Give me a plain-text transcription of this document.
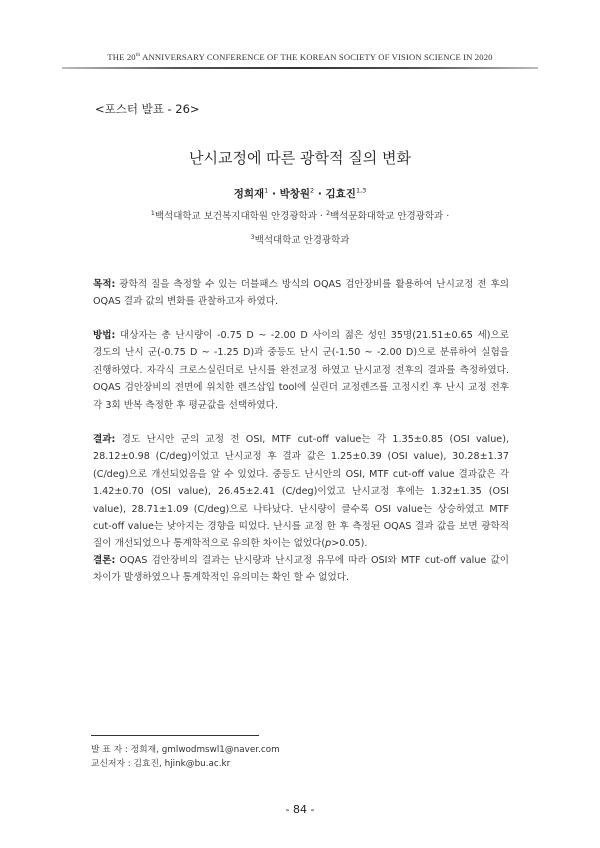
THE 20th ANNIVERSARY CONFERENCE OF THE KOREAN SOCIETY OF VISION SCIENCE IN 2020
<포스터 발표 - 26>
난시교정에 따른 광학적 질의 변화
정희재$^1$ · 박창원$^2$ · 김효진$^{1,3}$
$^1$백석대학교 보건복지대학원 안경광학과 · $^2$백석문화대학교 안경광학과 ·
$^3$백석대학교 안경광학과
목적: 광학적 질을 측정할 수 있는 더블패스 방식의 OQAS 검안장비를 활용하여 난시교정 전 후의 OQAS 결과 값의 변화를 관찰하고자 하였다.
방법: 대상자는 총 난시량이 -0.75 D ~ -2.00 D 사이의 젊은 성인 35명(21.51±0.65 세)으로 경도의 난시 군(-0.75 D ~ -1.25 D)과 중등도 난시 군(-1.50 ~ -2.00 D)으로 분류하여 실험을 진행하였다. 자각식 크로스실린더로 난시를 완전교정 하였고 난시교정 전후의 결과를 측정하였다. OQAS 검안장비의 전면에 위치한 렌즈삽입 tool에 실린더 교정렌즈를 고정시킨 후 난시 교정 전후 각 3회 반복 측정한 후 평균값을 선택하였다.
결과: 경도 난시안 군의 교정 전 OSI, MTF cut-off value는 각 1.35±0.85 (OSI value), 28.12±0.98 (C/deg)이었고 난시교정 후 결과 값은 1.25±0.39 (OSI value), 30.28±1.37 (C/deg)으로 개선되었음을 알 수 있었다. 중등도 난시안의 OSI, MTF cut-off value 결과값은 각 1.42±0.70 (OSI value), 26.45±2.41 (C/deg)이었고 난시교정 후에는 1.32±1.35 (OSI value), 28.71±1.09 (C/deg)으로 나타났다. 난시량이 클수록 OSI value는 상승하였고 MTF cut-off value는 낮아지는 경향을 띠었다. 난시를 교정 한 후 측정된 OQAS 결과 값을 보면 광학적 질이 개선되었으나 통계학적으로 유의한 차이는 없었다(p>0.05).
결론: OQAS 검안장비의 결과는 난시량과 난시교정 유무에 따라 OSI와 MTF cut-off value 값이 차이가 발생하였으나 통계학적인 유의미는 확인 할 수 없었다.
발 표 자 : 정희재, gmlwodmswl1@naver.com
교신저자 : 김효진, hjink@bu.ac.kr
- 84 -
